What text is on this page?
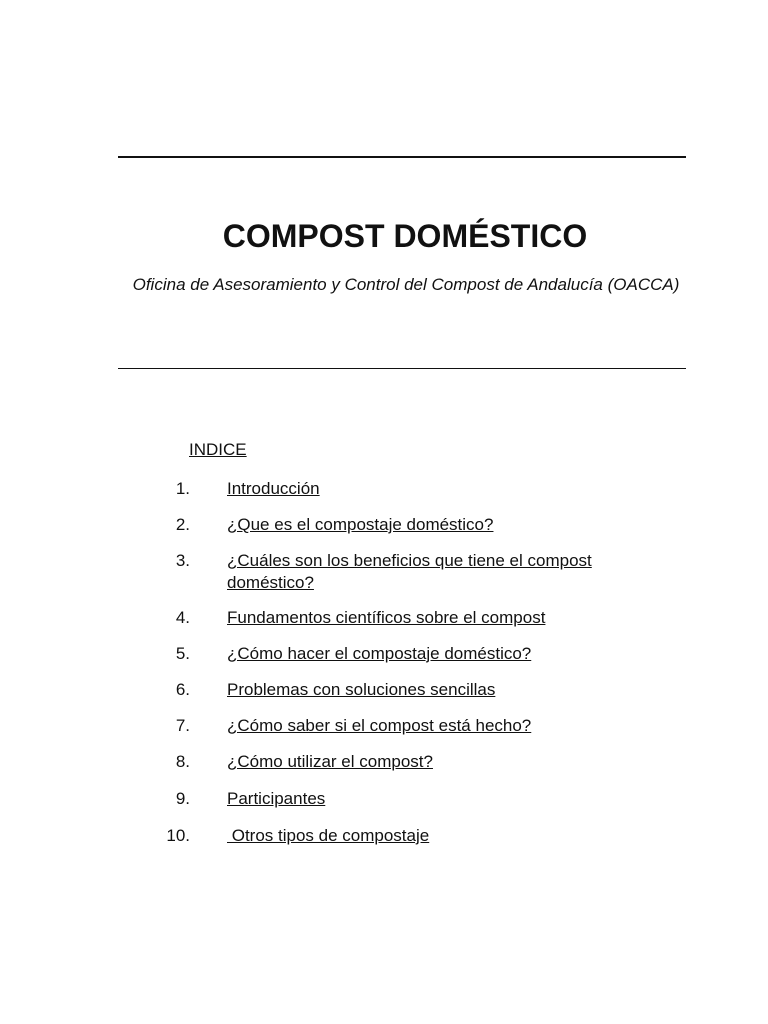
COMPOST DOMÉSTICO
Oficina de Asesoramiento y Control del Compost de Andalucía (OACCA)
INDICE
1. Introducción
2. ¿Que es el compostaje doméstico?
3. ¿Cuáles son los beneficios que tiene el compost doméstico?
4. Fundamentos científicos sobre el compost
5. ¿Cómo hacer el compostaje doméstico?
6. Problemas con soluciones sencillas
7. ¿Cómo saber si el compost está hecho?
8. ¿Cómo utilizar el compost?
9. Participantes
10. Otros tipos de compostaje
